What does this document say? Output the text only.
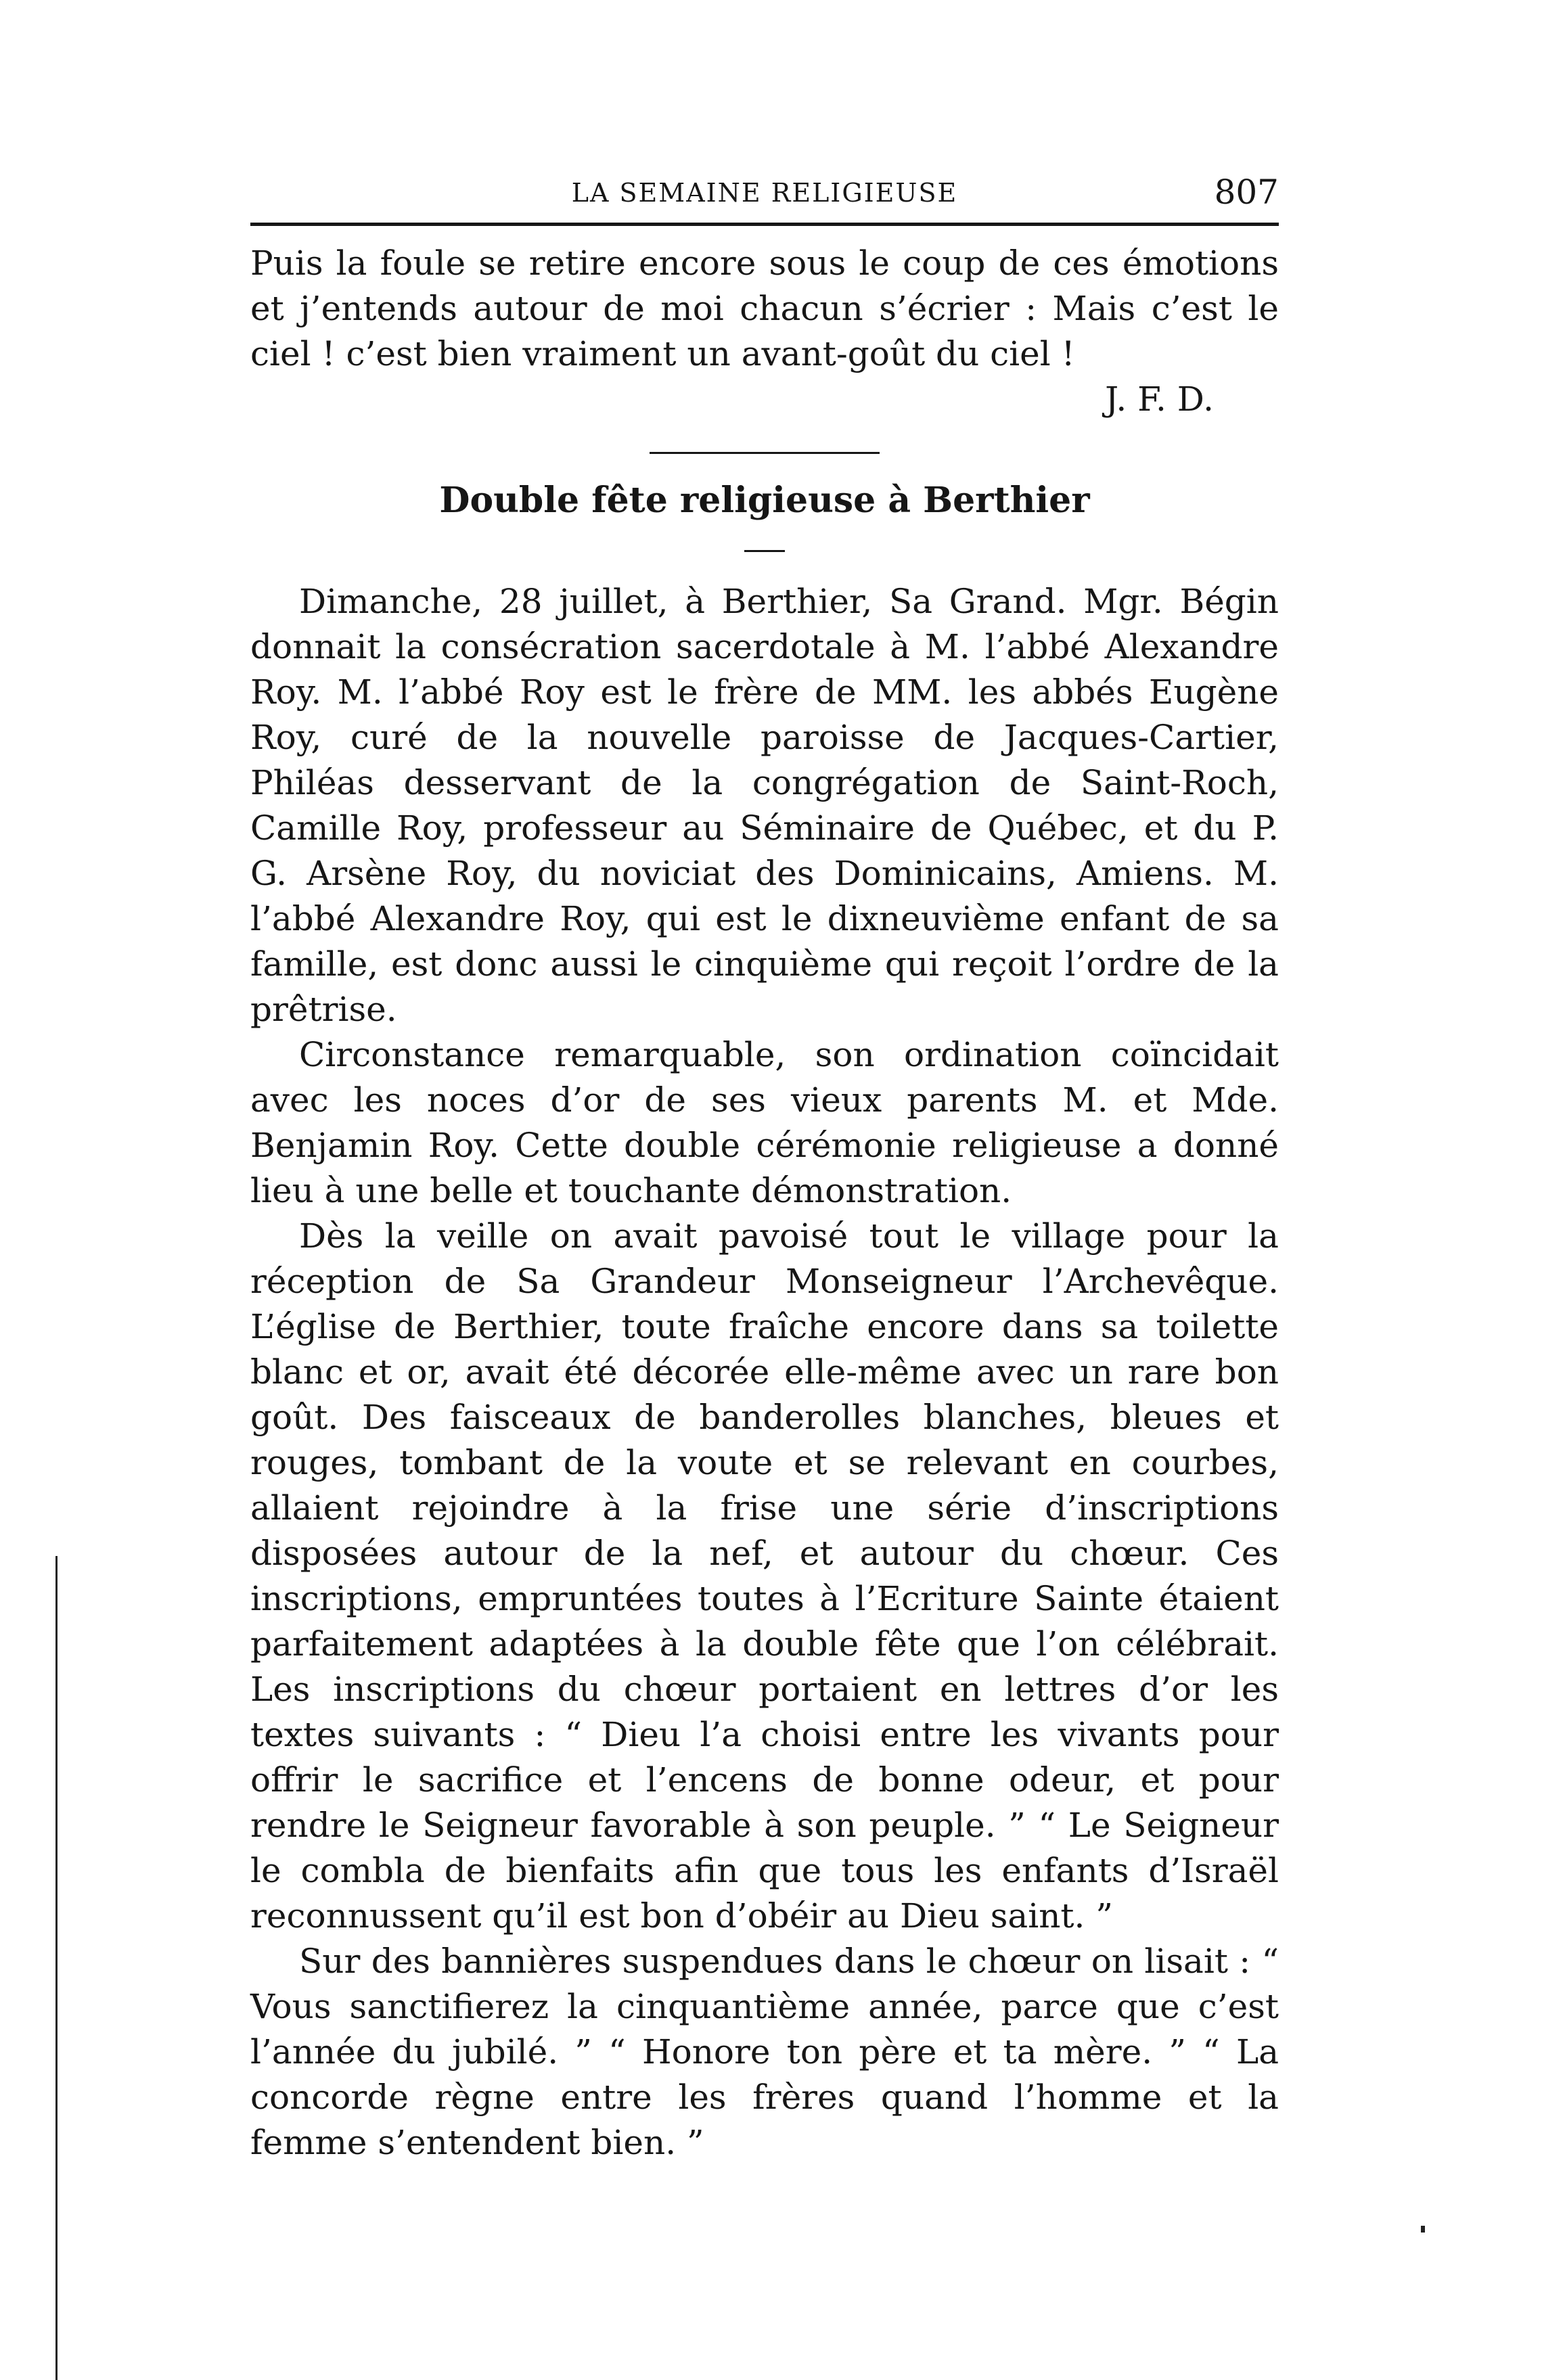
LA SEMAINE RELIGIEUSE	807

Puis la foule se retire encore sous le coup de ces émotions et j’entends autour de moi chacun s’écrier : Mais c’est le ciel ! c’est bien vraiment un avant-goût du ciel !

J. F. D.

Double fête religieuse à Berthier

Dimanche, 28 juillet, à Berthier, Sa Grand. Mgr. Bégin donnait la consécration sacerdotale à M. l’abbé Alexandre Roy. M. l’abbé Roy est le frère de MM. les abbés Eugène Roy, curé de la nouvelle paroisse de Jacques-Cartier, Philéas desservant de la congrégation de Saint-Roch, Camille Roy, professeur au Séminaire de Québec, et du P. G. Arsène Roy, du noviciat des Dominicains, Amiens. M. l’abbé Alexandre Roy, qui est le dixneuvième enfant de sa famille, est donc aussi le cinquième qui reçoit l’ordre de la prêtrise.

Circonstance remarquable, son ordination coïncidait avec les noces d’or de ses vieux parents M. et Mde. Benjamin Roy. Cette double cérémonie religieuse a donné lieu à une belle et touchante démonstration.

Dès la veille on avait pavoisé tout le village pour la réception de Sa Grandeur Monseigneur l’Archevêque. L’église de Berthier, toute fraîche encore dans sa toilette blanc et or, avait été décorée elle-même avec un rare bon goût. Des faisceaux de banderolles blanches, bleues et rouges, tombant de la voute et se relevant en courbes, allaient rejoindre à la frise une série d’inscriptions disposées autour de la nef, et autour du chœur. Ces inscriptions, empruntées toutes à l’Ecriture Sainte étaient parfaitement adaptées à la double fête que l’on célébrait. Les inscriptions du chœur portaient en lettres d’or les textes suivants : “ Dieu l’a choisi entre les vivants pour offrir le sacrifice et l’encens de bonne odeur, et pour rendre le Seigneur favorable à son peuple. ” “ Le Seigneur le combla de bienfaits afin que tous les enfants d’Israël reconnussent qu’il est bon d’obéir au Dieu saint. ”

Sur des bannières suspendues dans le chœur on lisait : “ Vous sanctifierez la cinquantième année, parce que c’est l’année du jubilé. ” “ Honore ton père et ta mère. ” “ La concorde règne entre les frères quand l’homme et la femme s’entendent bien. ”
